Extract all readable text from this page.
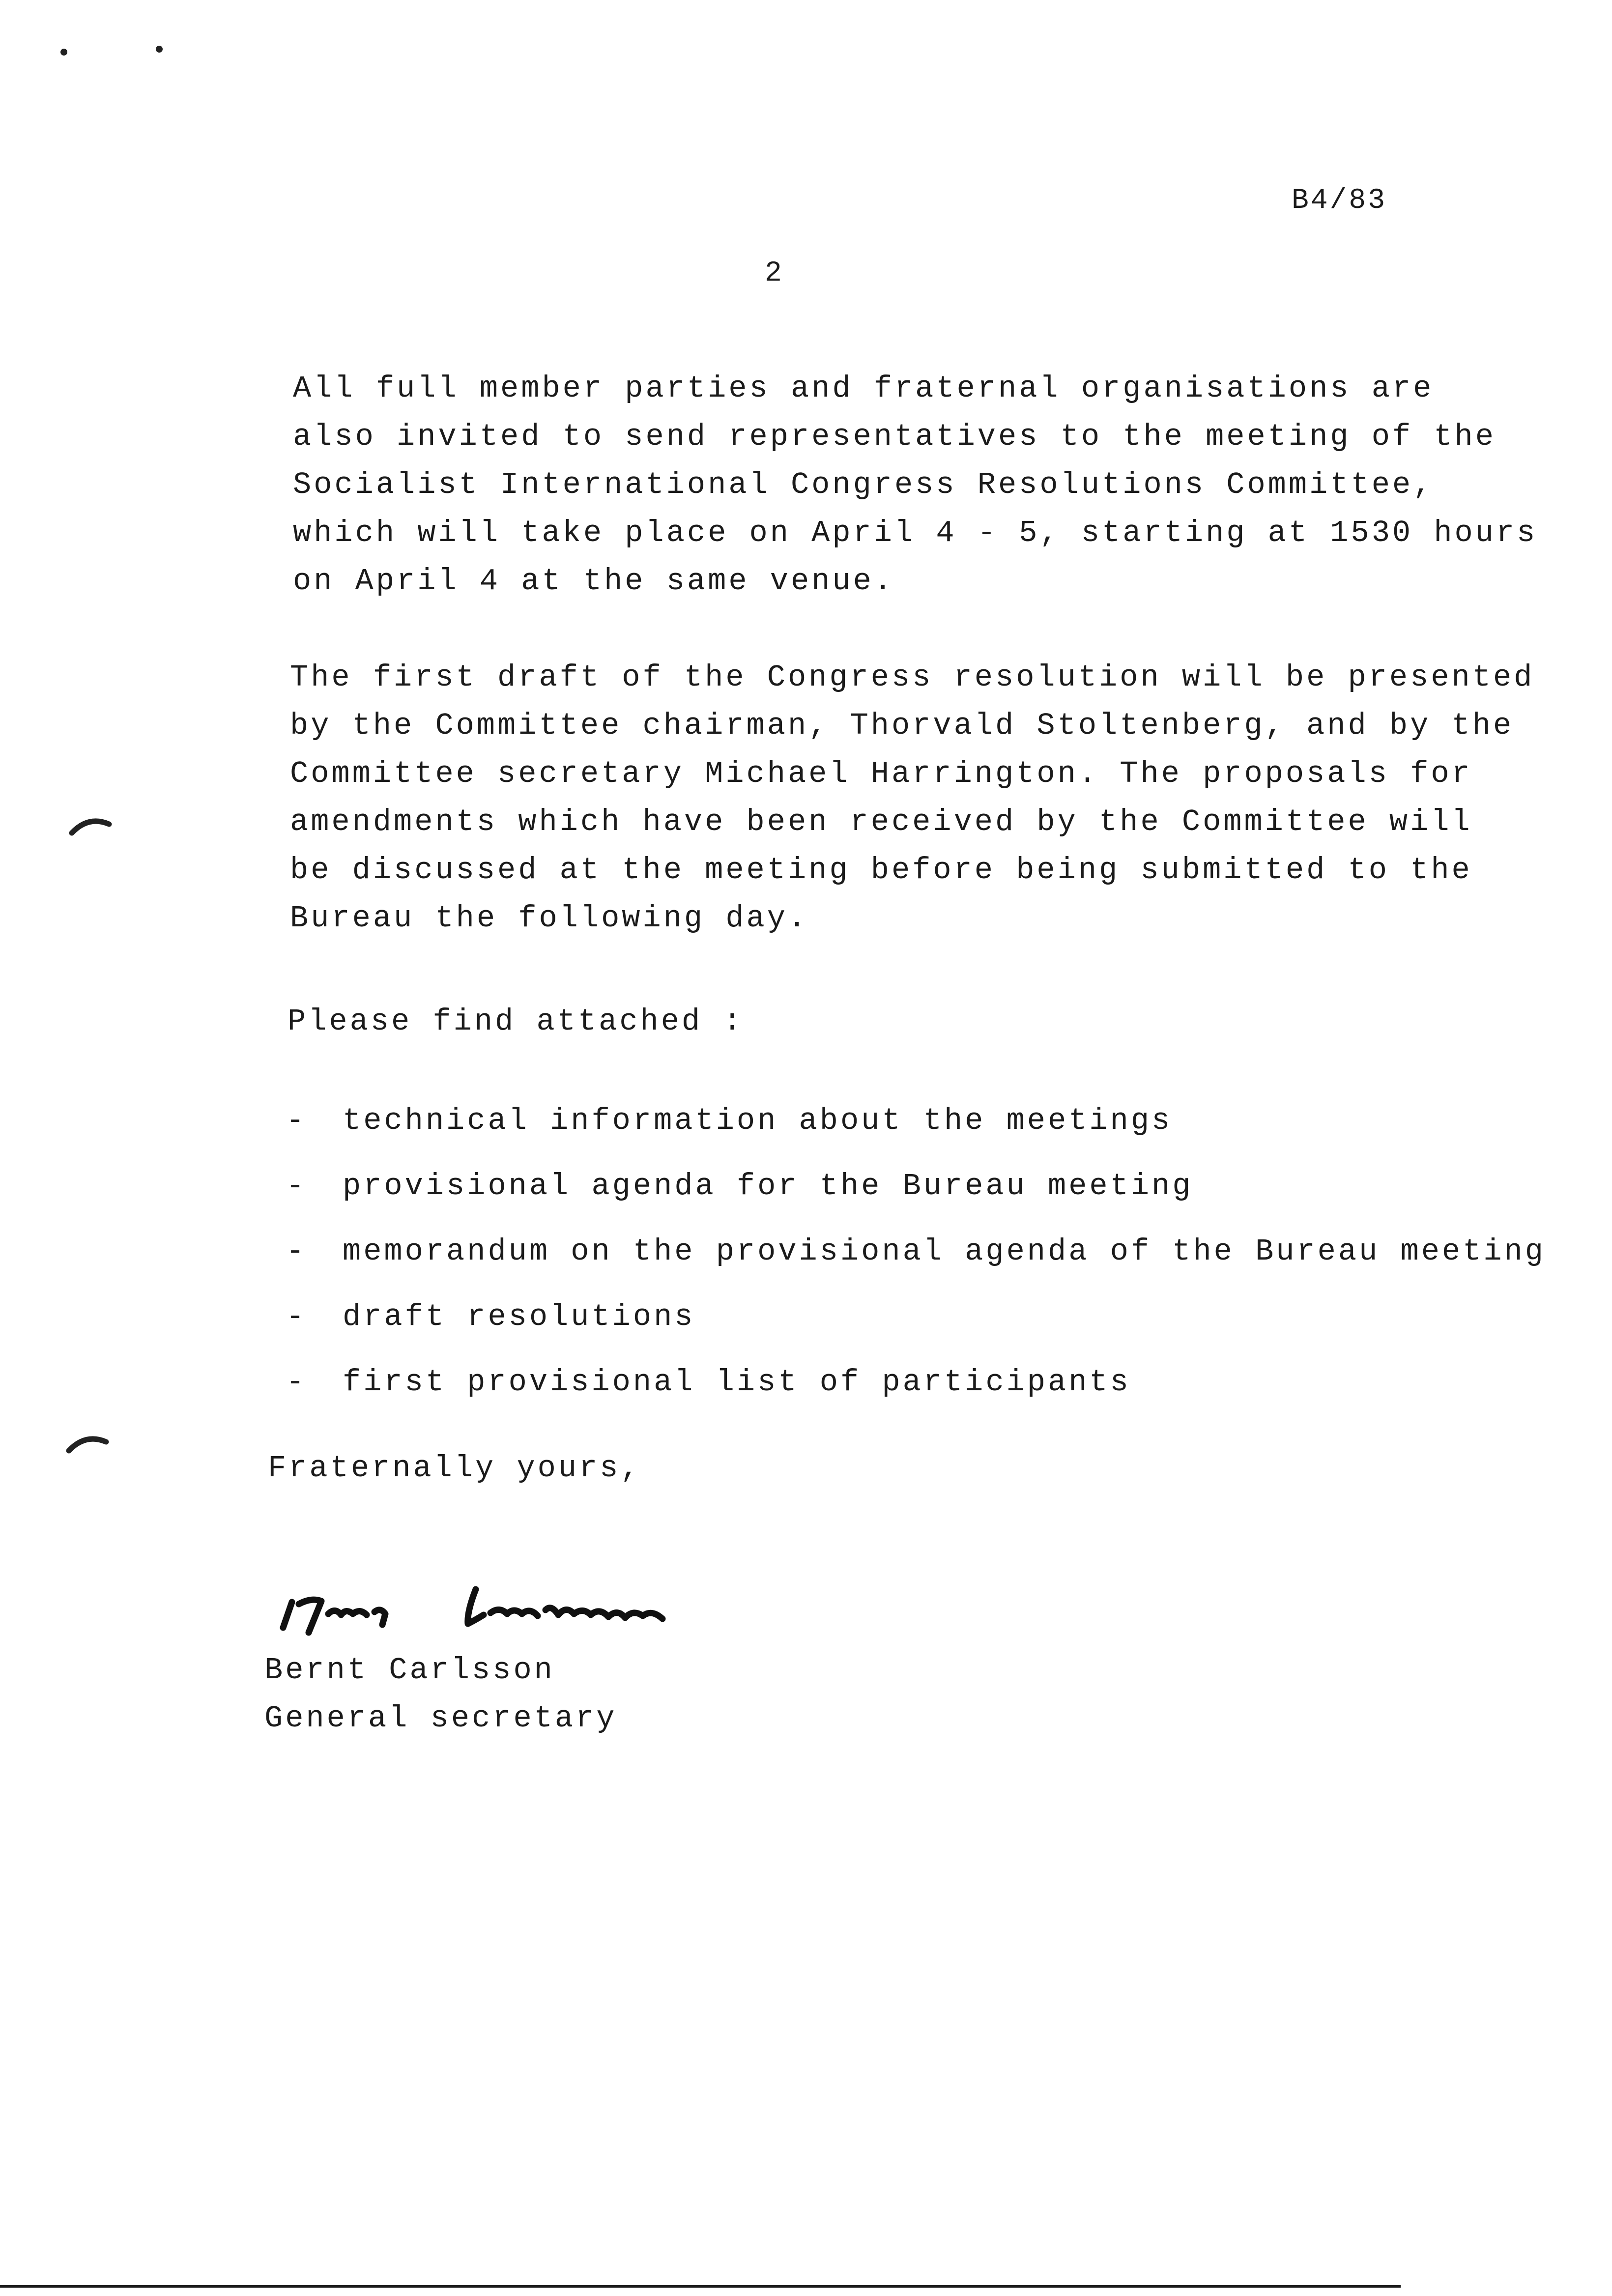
B4/83
2
All full member parties and fraternal organisations are
also invited to send representatives to the meeting of the
Socialist International Congress Resolutions Committee,
which will take place on April 4 - 5, starting at 1530 hours
on April 4 at the same venue.
The first draft of the Congress resolution will be presented
by the Committee chairman, Thorvald Stoltenberg, and by the
Committee secretary Michael Harrington. The proposals for
amendments which have been received by the Committee will
be discussed at the meeting before being submitted to the
Bureau the following day.
Please find attached :
-	technical information about the meetings
-	provisional agenda for the Bureau meeting
-	memorandum on the provisional agenda of the Bureau meeting
-	draft resolutions
-	first provisional list of participants
Fraternally yours,
Bernt Carlsson
General secretary
